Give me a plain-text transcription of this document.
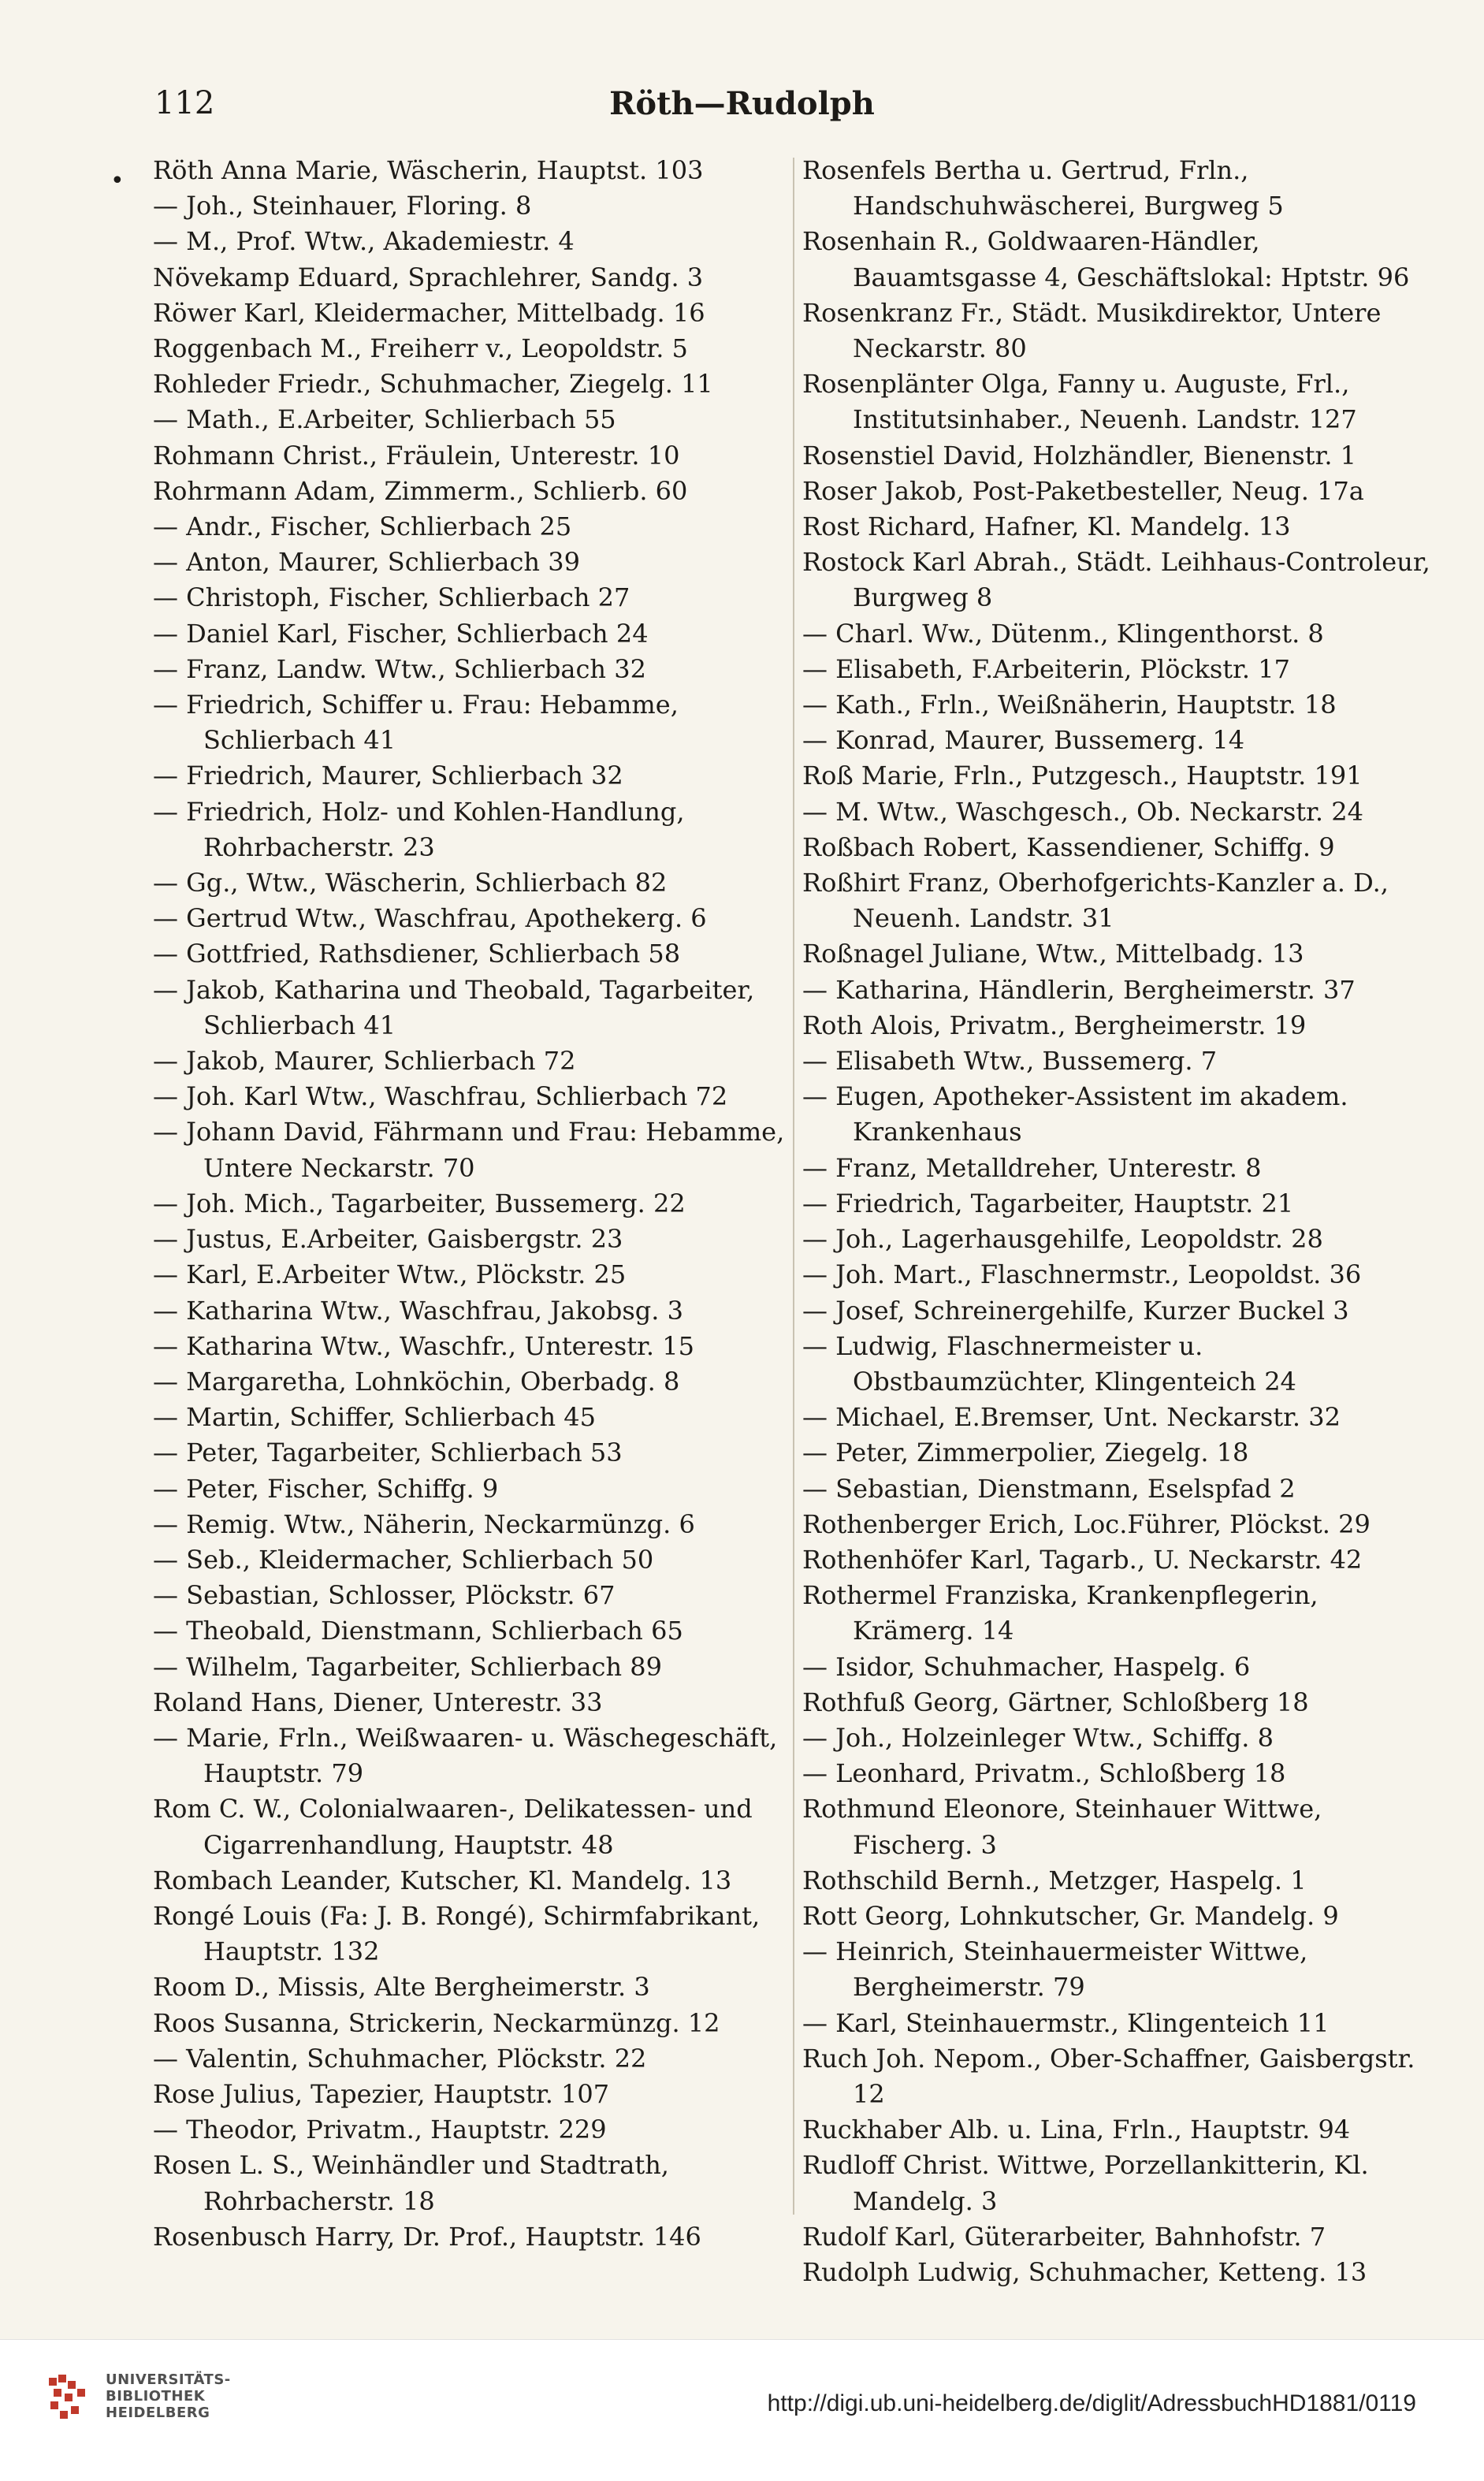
112	Röth—Rudolph
• Röth Anna Marie, Wäscherin, Hauptst. 103

— Joh., Steinhauer, Floring. 8

— M., Prof. Wtw., Akademiestr. 4

Növekamp Eduard, Sprachlehrer, Sandg. 3

Röwer Karl, Kleidermacher, Mittelbadg. 16

Roggenbach M., Freiherr v., Leopoldstr. 5

Rohleder Friedr., Schuhmacher, Ziegelg. 11

— Math., E.Arbeiter, Schlierbach 55

Rohmann Christ., Fräulein, Unterestr. 10

Rohrmann Adam, Zimmerm., Schlierb. 60

— Andr., Fischer, Schlierbach 25

— Anton, Maurer, Schlierbach 39

— Christoph, Fischer, Schlierbach 27

— Daniel Karl, Fischer, Schlierbach 24

— Franz, Landw. Wtw., Schlierbach 32

— Friedrich, Schiffer u. Frau: Hebamme, Schlierbach 41

— Friedrich, Maurer, Schlierbach 32

— Friedrich, Holz- und Kohlen-Handlung, Rohrbacherstr. 23

— Gg., Wtw., Wäscherin, Schlierbach 82

— Gertrud Wtw., Waschfrau, Apothekerg. 6

— Gottfried, Rathsdiener, Schlierbach 58

— Jakob, Katharina und Theobald, Tagarbeiter, Schlierbach 41

— Jakob, Maurer, Schlierbach 72

— Joh. Karl Wtw., Waschfrau, Schlierbach 72

— Johann David, Fährmann und Frau: Hebamme, Untere Neckarstr. 70

— Joh. Mich., Tagarbeiter, Bussemerg. 22

— Justus, E.Arbeiter, Gaisbergstr. 23

— Karl, E.Arbeiter Wtw., Plöckstr. 25

— Katharina Wtw., Waschfrau, Jakobsg. 3

— Katharina Wtw., Waschfr., Unterestr. 15

— Margaretha, Lohnköchin, Oberbadg. 8

— Martin, Schiffer, Schlierbach 45

— Peter, Tagarbeiter, Schlierbach 53

— Peter, Fischer, Schiffg. 9

— Remig. Wtw., Näherin, Neckarmünzg. 6

— Seb., Kleidermacher, Schlierbach 50

— Sebastian, Schlosser, Plöckstr. 67

— Theobald, Dienstmann, Schlierbach 65

— Wilhelm, Tagarbeiter, Schlierbach 89

Roland Hans, Diener, Unterestr. 33

— Marie, Frln., Weißwaaren- u. Wäschegeschäft, Hauptstr. 79

Rom C. W., Colonialwaaren-, Delikatessen- und Cigarrenhandlung, Hauptstr. 48

Rombach Leander, Kutscher, Kl. Mandelg. 13

Rongé Louis (Fa: J. B. Rongé), Schirmfabrikant, Hauptstr. 132

Room D., Missis, Alte Bergheimerstr. 3

Roos Susanna, Strickerin, Neckarmünzg. 12

— Valentin, Schuhmacher, Plöckstr. 22

Rose Julius, Tapezier, Hauptstr. 107

— Theodor, Privatm., Hauptstr. 229

Rosen L. S., Weinhändler und Stadtrath, Rohrbacherstr. 18

Rosenbusch Harry, Dr. Prof., Hauptstr. 146

Rosenfels Bertha u. Gertrud, Frln., Handschuhwäscherei, Burgweg 5

Rosenhain R., Goldwaaren-Händler, Bauamtsgasse 4, Geschäftslokal: Hptstr. 96

Rosenkranz Fr., Städt. Musikdirektor, Untere Neckarstr. 80

Rosenplänter Olga, Fanny u. Auguste, Frl., Institutsinhaber., Neuenh. Landstr. 127

Rosenstiel David, Holzhändler, Bienenstr. 1

Roser Jakob, Post-Paketbesteller, Neug. 17a

Rost Richard, Hafner, Kl. Mandelg. 13

Rostock Karl Abrah., Städt. Leihhaus-Controleur, Burgweg 8

— Charl. Ww., Dütenm., Klingenthorst. 8

— Elisabeth, F.Arbeiterin, Plöckstr. 17

— Kath., Frln., Weißnäherin, Hauptstr. 18

— Konrad, Maurer, Bussemerg. 14

Roß Marie, Frln., Putzgesch., Hauptstr. 191

— M. Wtw., Waschgesch., Ob. Neckarstr. 24

Roßbach Robert, Kassendiener, Schiffg. 9

Roßhirt Franz, Oberhofgerichts-Kanzler a. D., Neuenh. Landstr. 31

Roßnagel Juliane, Wtw., Mittelbadg. 13

— Katharina, Händlerin, Bergheimerstr. 37

Roth Alois, Privatm., Bergheimerstr. 19

— Elisabeth Wtw., Bussemerg. 7

— Eugen, Apotheker-Assistent im akadem. Krankenhaus

— Franz, Metalldreher, Unterestr. 8

— Friedrich, Tagarbeiter, Hauptstr. 21

— Joh., Lagerhausgehilfe, Leopoldstr. 28

— Joh. Mart., Flaschnermstr., Leopoldst. 36

— Josef, Schreinergehilfe, Kurzer Buckel 3

— Ludwig, Flaschnermeister u. Obstbaumzüchter, Klingenteich 24

— Michael, E.Bremser, Unt. Neckarstr. 32

— Peter, Zimmerpolier, Ziegelg. 18

— Sebastian, Dienstmann, Eselspfad 2

Rothenberger Erich, Loc.Führer, Plöckst. 29

Rothenhöfer Karl, Tagarb., U. Neckarstr. 42

Rothermel Franziska, Krankenpflegerin, Krämerg. 14

— Isidor, Schuhmacher, Haspelg. 6

Rothfuß Georg, Gärtner, Schloßberg 18

— Joh., Holzeinleger Wtw., Schiffg. 8

— Leonhard, Privatm., Schloßberg 18

Rothmund Eleonore, Steinhauer Wittwe, Fischerg. 3

Rothschild Bernh., Metzger, Haspelg. 1

Rott Georg, Lohnkutscher, Gr. Mandelg. 9

— Heinrich, Steinhauermeister Wittwe, Bergheimerstr. 79

— Karl, Steinhauermstr., Klingenteich 11

Ruch Joh. Nepom., Ober-Schaffner, Gaisbergstr. 12

Ruckhaber Alb. u. Lina, Frln., Hauptstr. 94

Rudloff Christ. Wittwe, Porzellankitterin, Kl. Mandelg. 3

Rudolf Karl, Güterarbeiter, Bahnhofstr. 7

Rudolph Ludwig, Schuhmacher, Ketteng. 13

UNIVERSITÄTS-
BIBLIOTHEK
HEIDELBERG	http://digi.ub.uni-heidelberg.de/diglit/AdressbuchHD1881/0119
